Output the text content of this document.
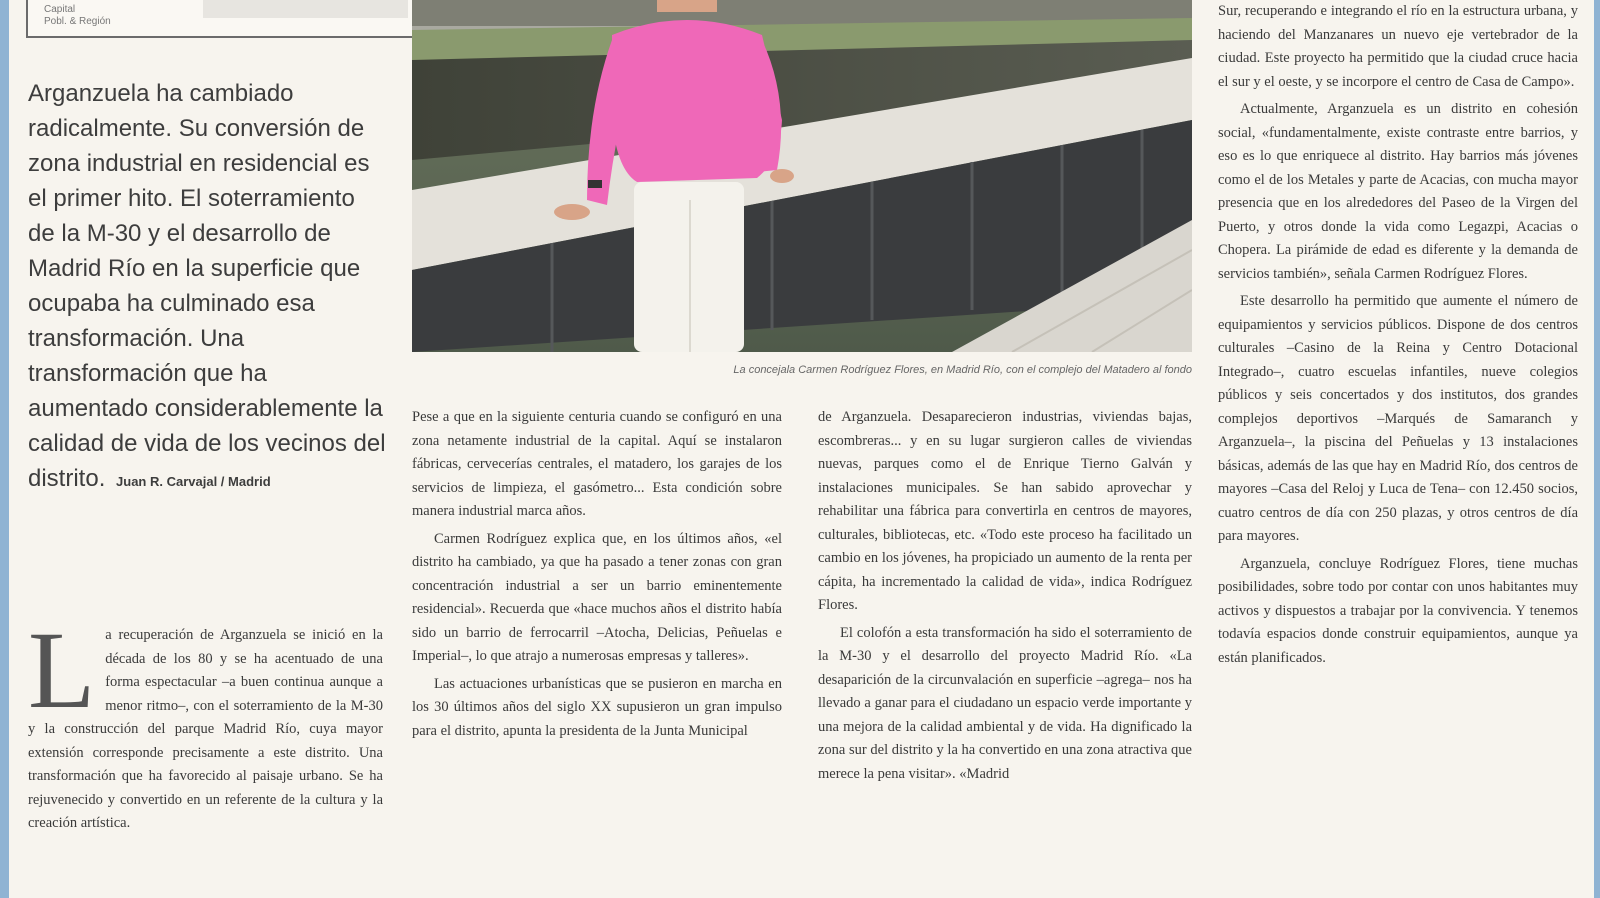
Capital
Pobl. & Región
Arganzuela ha cambiado radicalmente. Su conversión de zona industrial en residencial es el primer hito. El soterramiento de la M-30 y el desarrollo de Madrid Río en la superficie que ocupaba ha culminado esa transformación. Una transformación que ha aumentado considerablemente la calidad de vida de los vecinos del distrito. Juan R. Carvajal / Madrid
La concejala Carmen Rodríguez Flores, en Madrid Río, con el complejo del Matadero al fondo
L a recuperación de Arganzuela se inició en la década de los 80 y se ha acentuado de una forma espectacular –a buen continua aunque a menor ritmo–, con el soterramiento de la M-30 y la construcción del parque Madrid Río, cuya mayor extensión corresponde precisamente a este distrito. Una transformación que ha favorecido al paisaje urbano. Se ha rejuvenecido y convertido en un referente de la cultura y la creación artística.

Pese a que en la siguiente centuria cuando se configuró en una zona netamente industrial de la capital. Aquí se instalaron fábricas, cervecerías centrales, el matadero, los garajes de los servicios de limpieza, el gasómetro... Esta condición sobre manera industrial marca años.

Carmen Rodríguez explica que, en los últimos años, «el distrito ha cambiado, ya que ha pasado a tener zonas con gran concentración industrial a ser un barrio eminentemente residencial». Recuerda que «hace muchos años el distrito había sido un barrio de ferrocarril –Atocha, Delicias, Peñuelas e Imperial–, lo que atrajo a numerosas empresas y talleres».

Las actuaciones urbanísticas que se pusieron en marcha en los 30 últimos años del siglo XX supusieron un gran impulso para el distrito, apunta la presidenta de la Junta Municipal

de Arganzuela. Desaparecieron industrias, viviendas bajas, escombreras... y en su lugar surgieron calles de viviendas nuevas, parques como el de Enrique Tierno Galván y instalaciones municipales. Se han sabido aprovechar y rehabilitar una fábrica para convertirla en centros de mayores, culturales, bibliotecas, etc. «Todo este proceso ha facilitado un cambio en los jóvenes, ha propiciado un aumento de la renta per cápita, ha incrementado la calidad de vida», indica Rodríguez Flores.

El colofón a esta transformación ha sido el soterramiento de la M-30 y el desarrollo del proyecto Madrid Río. «La desaparición de la circunvalación en superficie –agrega– nos ha llevado a ganar para el ciudadano un espacio verde importante y una mejora de la calidad ambiental y de vida. Ha dignificado la zona sur del distrito y la ha convertido en una zona atractiva que merece la pena visitar». «Madrid

Sur, recuperando e integrando el río en la estructura urbana, y haciendo del Manzanares un nuevo eje vertebrador de la ciudad. Este proyecto ha permitido que la ciudad cruce hacia el sur y el oeste, y se incorpore el centro de Casa de Campo».

Actualmente, Arganzuela es un distrito en cohesión social, «fundamentalmente, existe contraste entre barrios, y eso es lo que enriquece al distrito. Hay barrios más jóvenes como el de los Metales y parte de Acacias, con mucha mayor presencia que en los alrededores del Paseo de la Virgen del Puerto, y otros donde la vida como Legazpi, Acacias o Chopera. La pirámide de edad es diferente y la demanda de servicios también», señala Carmen Rodríguez Flores.

Este desarrollo ha permitido que aumente el número de equipamientos y servicios públicos. Dispone de dos centros culturales –Casino de la Reina y Centro Dotacional Integrado–, cuatro escuelas infantiles, nueve colegios públicos y seis concertados y dos institutos, dos grandes complejos deportivos –Marqués de Samaranch y Arganzuela–, la piscina del Peñuelas y 13 instalaciones básicas, además de las que hay en Madrid Río, dos centros de mayores –Casa del Reloj y Luca de Tena– con 12.450 socios, cuatro centros de día con 250 plazas, y otros centros de día para mayores.

Arganzuela, concluye Rodríguez Flores, tiene muchas posibilidades, sobre todo por contar con unos habitantes muy activos y dispuestos a trabajar por la convivencia. Y tenemos todavía espacios donde construir equipamientos, aunque ya están planificados.
